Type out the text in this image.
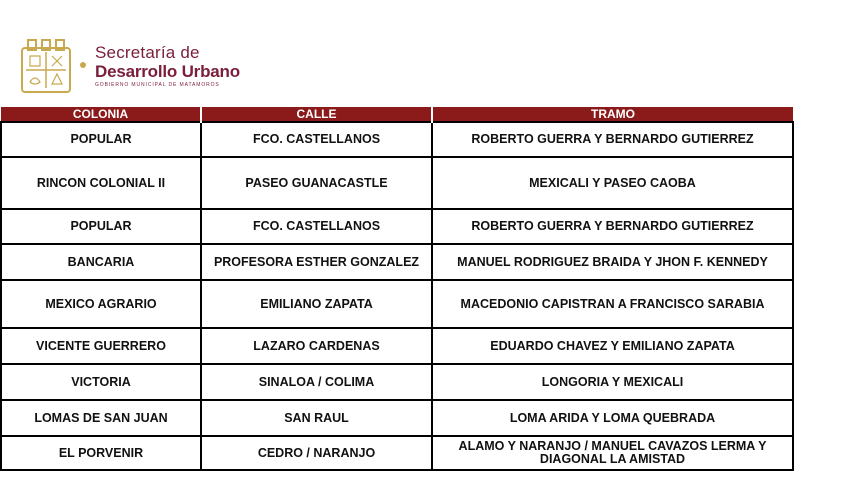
Secretaría de
Desarrollo Urbano
GOBIERNO MUNICIPAL DE MATAMOROS
COLONIA	CALLE	TRAMO
POPULAR	FCO. CASTELLANOS	ROBERTO GUERRA Y BERNARDO GUTIERREZ
RINCON COLONIAL II	PASEO GUANACASTLE	MEXICALI Y PASEO CAOBA
POPULAR	FCO. CASTELLANOS	ROBERTO GUERRA Y BERNARDO GUTIERREZ
BANCARIA	PROFESORA ESTHER GONZALEZ	MANUEL RODRIGUEZ BRAIDA Y JHON F. KENNEDY
MEXICO AGRARIO	EMILIANO ZAPATA	MACEDONIO CAPISTRAN A FRANCISCO SARABIA
VICENTE GUERRERO	LAZARO CARDENAS	EDUARDO CHAVEZ Y EMILIANO ZAPATA
VICTORIA	SINALOA / COLIMA	LONGORIA Y MEXICALI
LOMAS DE SAN JUAN	SAN RAUL	LOMA ARIDA Y LOMA QUEBRADA
EL PORVENIR	CEDRO / NARANJO	ALAMO Y NARANJO / MANUEL CAVAZOS LERMA Y DIAGONAL LA AMISTAD
